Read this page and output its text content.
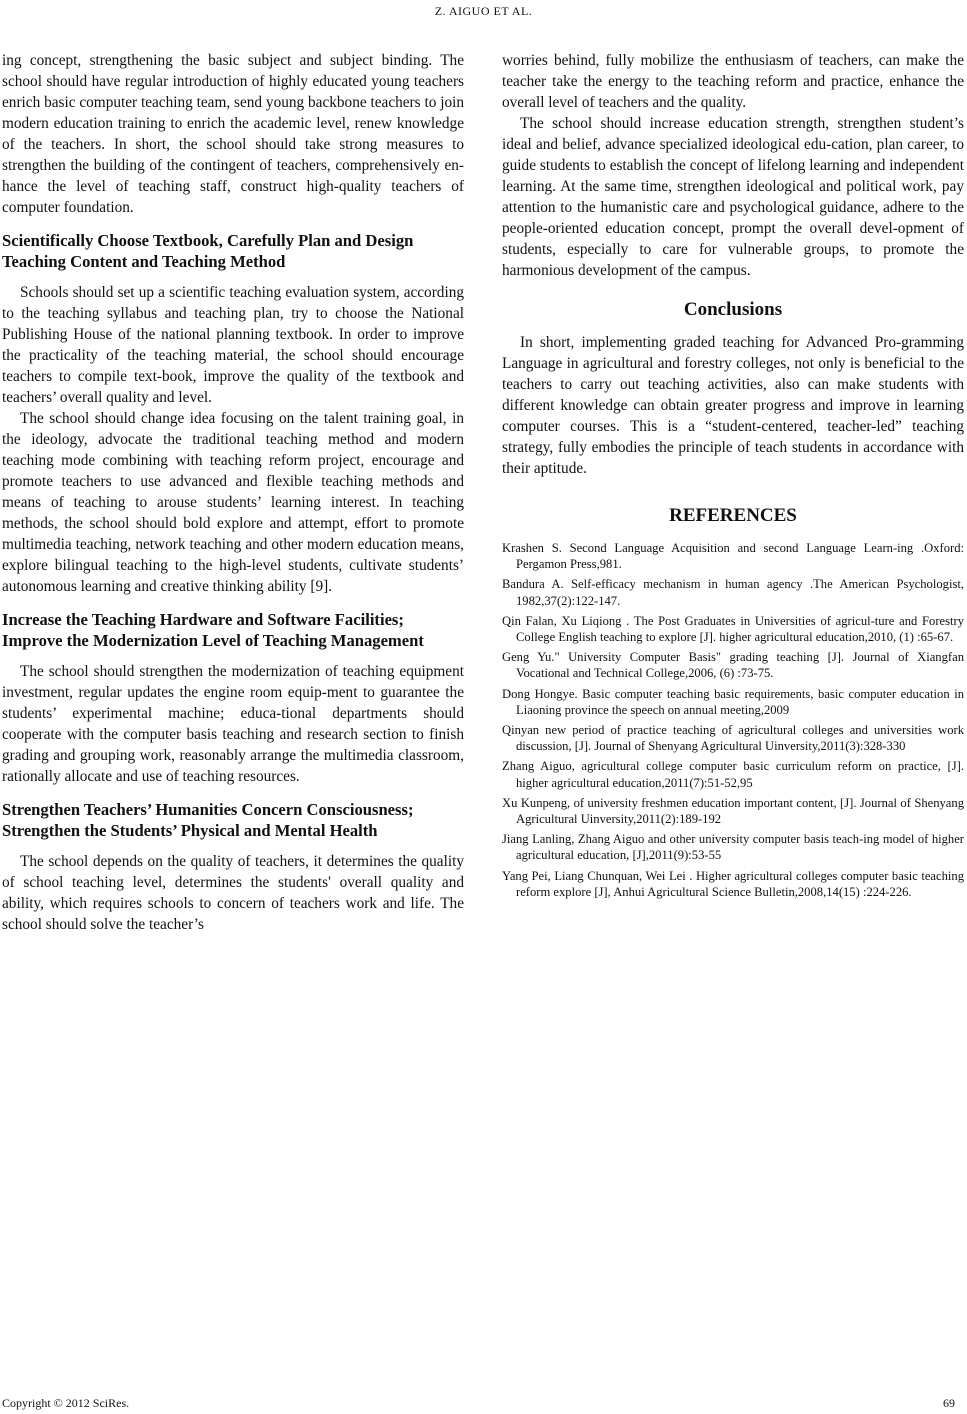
Z. AIGUO ET AL.

ing concept, strengthening the basic subject and subject binding. The school should have regular introduction of highly educated young teachers enrich basic computer teaching team, send young backbone teachers to join modern education training to enrich the academic level, renew knowledge of the teachers. In short, the school should take strong measures to strengthen the building of the contingent of teachers, comprehensively en-hance the level of teaching staff, construct high-quality teachers of computer foundation.

Scientifically Choose Textbook, Carefully Plan and Design Teaching Content and Teaching Method

Schools should set up a scientific teaching evaluation system, according to the teaching syllabus and teaching plan, try to choose the National Publishing House of the national planning textbook. In order to improve the practicality of the teaching material, the school should encourage teachers to compile text-book, improve the quality of the textbook and teachers’ overall quality and level.

The school should change idea focusing on the talent training goal, in the ideology, advocate the traditional teaching method and modern teaching mode combining with teaching reform project, encourage and promote teachers to use advanced and flexible teaching methods and means of teaching to arouse students’ learning interest. In teaching methods, the school should bold explore and attempt, effort to promote multimedia teaching, network teaching and other modern education means, explore bilingual teaching to the high-level students, cultivate students’ autonomous learning and creative thinking ability [9].

Increase the Teaching Hardware and Software Facilities; Improve the Modernization Level of Teaching Management

The school should strengthen the modernization of teaching equipment investment, regular updates the engine room equip-ment to guarantee the students’ experimental machine; educa-tional departments should cooperate with the computer basis teaching and research section to finish grading and grouping work, reasonably arrange the multimedia classroom, rationally allocate and use of teaching resources.

Strengthen Teachers’ Humanities Concern Consciousness; Strengthen the Students’ Physical and Mental Health

The school depends on the quality of teachers, it determines the quality of school teaching level, determines the students' overall quality and ability, which requires schools to concern of teachers work and life. The school should solve the teacher’s

worries behind, fully mobilize the enthusiasm of teachers, can make the teacher take the energy to the teaching reform and practice, enhance the overall level of teachers and the quality.

The school should increase education strength, strengthen student’s ideal and belief, advance specialized ideological edu-cation, plan career, to guide students to establish the concept of lifelong learning and independent learning. At the same time, strengthen ideological and political work, pay attention to the humanistic care and psychological guidance, adhere to the people-oriented education concept, prompt the overall devel-opment of students, especially to care for vulnerable groups, to promote the harmonious development of the campus.

Conclusions

In short, implementing graded teaching for Advanced Pro-gramming Language in agricultural and forestry colleges, not only is beneficial to the teachers to carry out teaching activities, also can make students with different knowledge can obtain greater progress and improve in learning computer courses. This is a “student-centered, teacher-led” teaching strategy, fully embodies the principle of teach students in accordance with their aptitude.

REFERENCES
Krashen S. Second Language Acquisition and second Language Learn-ing .Oxford: Pergamon Press,981.
Bandura A. Self-efficacy mechanism in human agency .The American Psychologist, 1982,37(2):122-147.
Qin Falan, Xu Liqiong . The Post Graduates in Universities of agricul-ture and Forestry College English teaching to explore [J]. higher agricultural education,2010, (1) :65-67.
Geng Yu." University Computer Basis" grading teaching [J]. Journal of Xiangfan Vocational and Technical College,2006, (6) :73-75.
Dong Hongye. Basic computer teaching basic requirements, basic computer education in Liaoning province the speech on annual meeting,2009
Qinyan new period of practice teaching of agricultural colleges and universities work discussion, [J]. Journal of Shenyang Agricultural Uinversity,2011(3):328-330
Zhang Aiguo, agricultural college computer basic curriculum reform on practice, [J]. higher agricultural education,2011(7):51-52,95
Xu Kunpeng, of university freshmen education important content, [J]. Journal of Shenyang Agricultural Uinversity,2011(2):189-192
Jiang Lanling, Zhang Aiguo and other university computer basis teach-ing model of higher agricultural education, [J],2011(9):53-55
Yang Pei, Liang Chunquan, Wei Lei . Higher agricultural colleges computer basic teaching reform explore [J], Anhui Agricultural Science Bulletin,2008,14(15) :224-226.
Copyright © 2012 SciRes.	69
